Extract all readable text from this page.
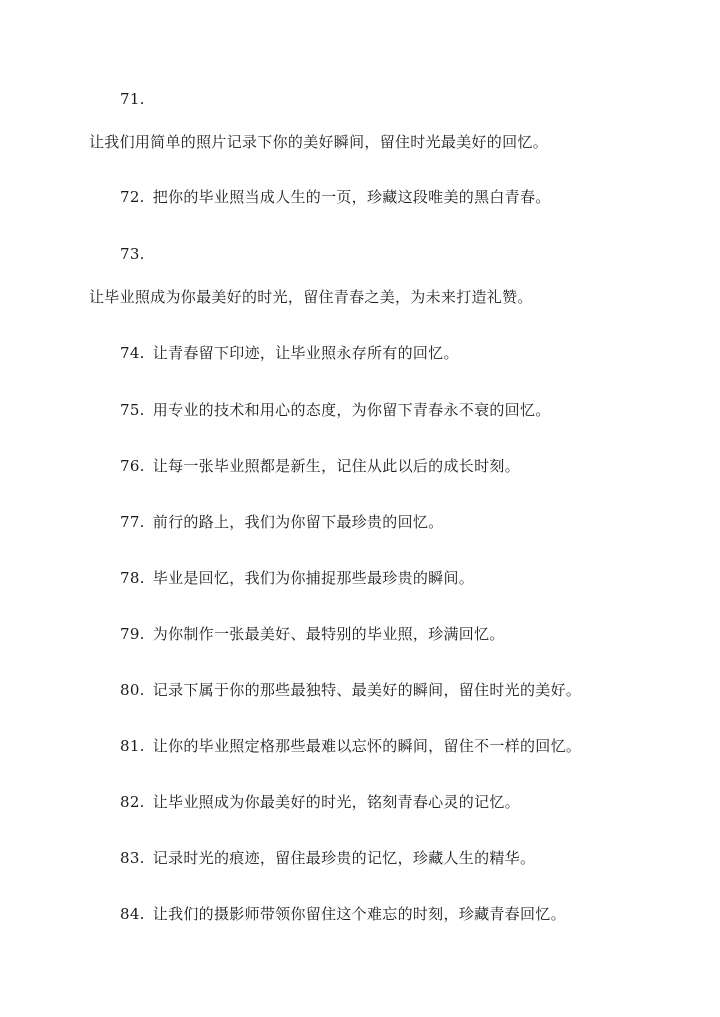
71.
让我们用简单的照片记录下你的美好瞬间，留住时光最美好的回忆。
72. 把你的毕业照当成人生的一页，珍藏这段唯美的黑白青春。
73.
让毕业照成为你最美好的时光，留住青春之美，为未来打造礼赞。
74. 让青春留下印迹，让毕业照永存所有的回忆。
75. 用专业的技术和用心的态度，为你留下青春永不衰的回忆。
76. 让每一张毕业照都是新生，记住从此以后的成长时刻。
77. 前行的路上，我们为你留下最珍贵的回忆。
78. 毕业是回忆，我们为你捕捉那些最珍贵的瞬间。
79. 为你制作一张最美好、最特别的毕业照，珍满回忆。
80. 记录下属于你的那些最独特、最美好的瞬间，留住时光的美好。
81. 让你的毕业照定格那些最难以忘怀的瞬间，留住不一样的回忆。
82. 让毕业照成为你最美好的时光，铭刻青春心灵的记忆。
83. 记录时光的痕迹，留住最珍贵的记忆，珍藏人生的精华。
84. 让我们的摄影师带领你留住这个难忘的时刻，珍藏青春回忆。
